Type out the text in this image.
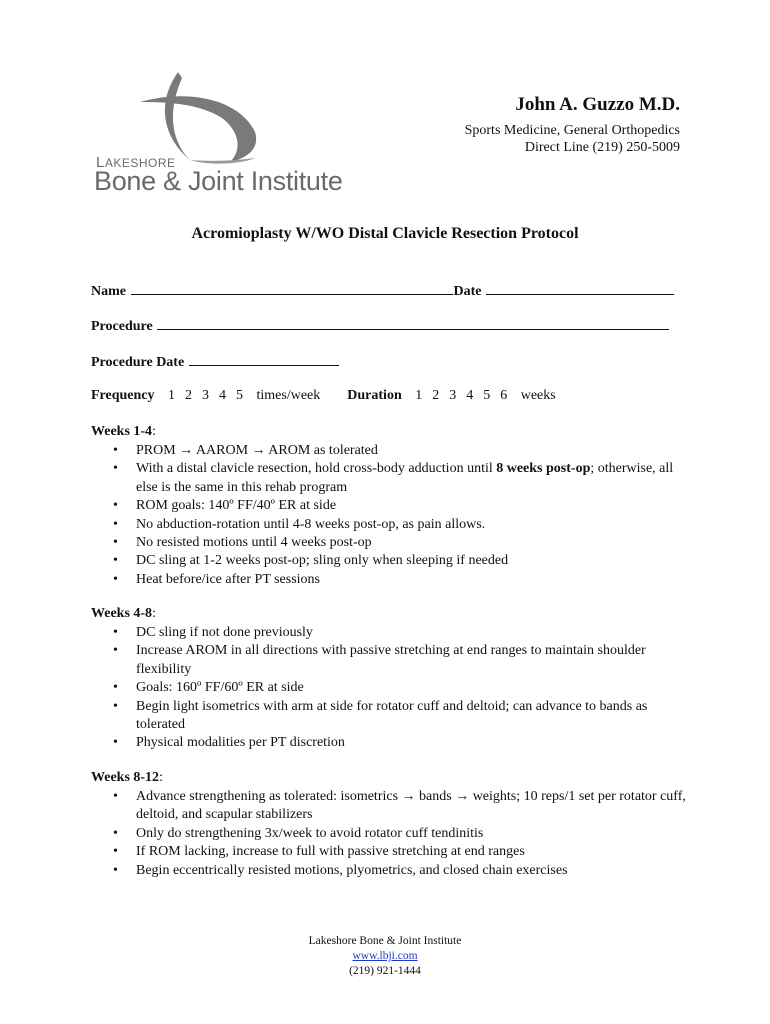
LAKESHORE
Bone & Joint Institute
John A. Guzzo M.D.
Sports Medicine, General Orthopedics
Direct Line (219) 250-5009
Acromioplasty W/WO Distal Clavicle Resection Protocol
Name	Date
Procedure
Procedure Date
Frequency 1 2 3 4 5 times/week Duration 1 2 3 4 5 6 weeks
Weeks 1-4:
• PROM → AAROM → AROM as tolerated
• With a distal clavicle resection, hold cross-body adduction until 8 weeks post-op; otherwise, all else is the same in this rehab program
• ROM goals: 140º FF/40º ER at side
• No abduction-rotation until 4-8 weeks post-op, as pain allows.
• No resisted motions until 4 weeks post-op
• DC sling at 1-2 weeks post-op; sling only when sleeping if needed
• Heat before/ice after PT sessions
Weeks 4-8:
• DC sling if not done previously
• Increase AROM in all directions with passive stretching at end ranges to maintain shoulder flexibility
• Goals: 160º FF/60º ER at side
• Begin light isometrics with arm at side for rotator cuff and deltoid; can advance to bands as tolerated
• Physical modalities per PT discretion
Weeks 8-12:
• Advance strengthening as tolerated: isometrics → bands → weights; 10 reps/1 set per rotator cuff, deltoid, and scapular stabilizers
• Only do strengthening 3x/week to avoid rotator cuff tendinitis
• If ROM lacking, increase to full with passive stretching at end ranges
• Begin eccentrically resisted motions, plyometrics, and closed chain exercises
Lakeshore Bone & Joint Institute
www.lbji.com
(219) 921-1444
